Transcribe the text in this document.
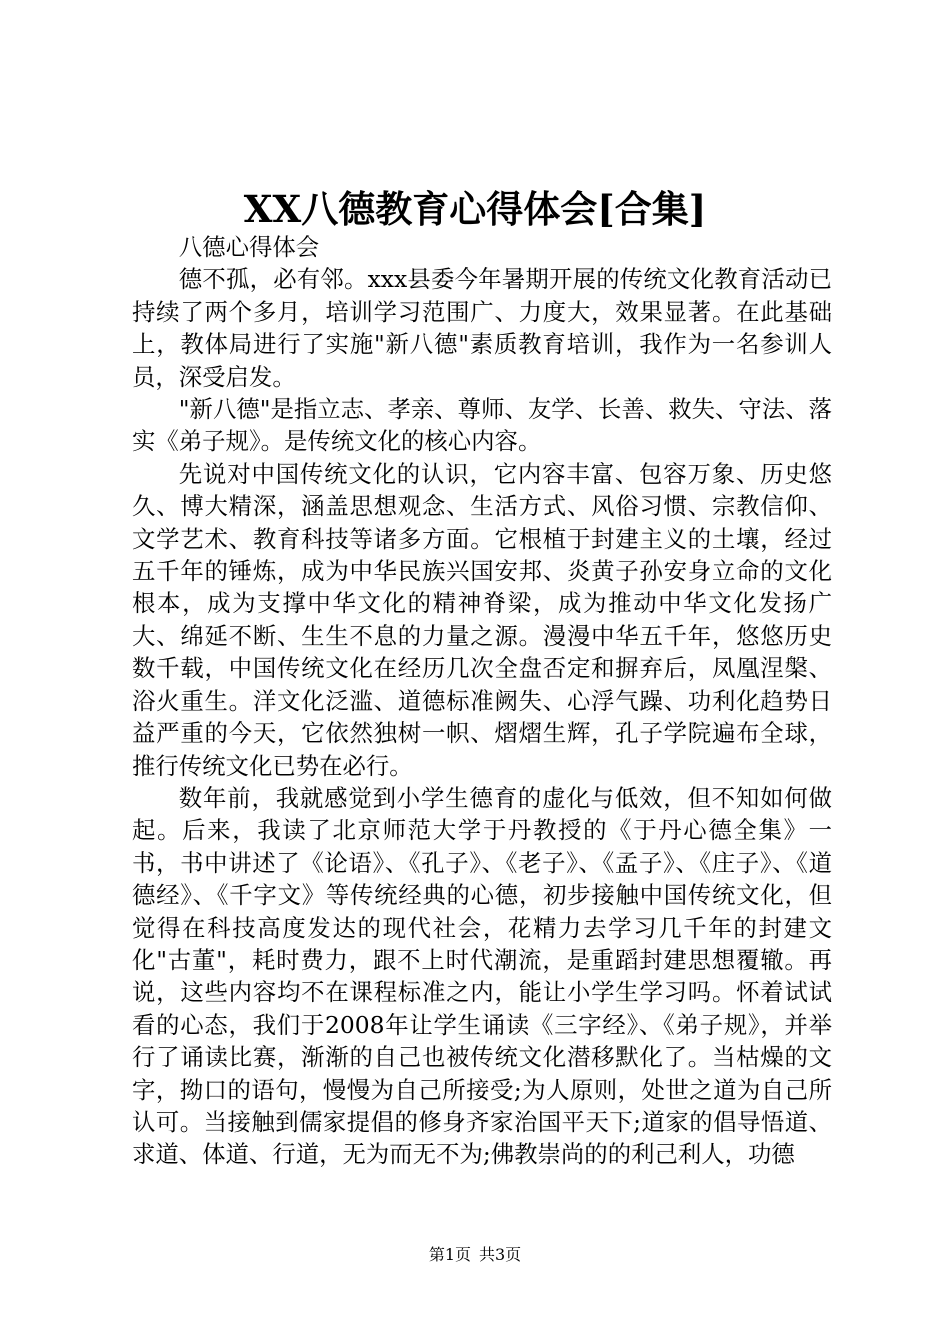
XX八德教育心得体会[合集]

八德心得体会

德不孤，必有邻。xxx县委今年暑期开展的传统文化教育活动已持续了两个多月，培训学习范围广、力度大，效果显著。在此基础上，教体局进行了实施"新八德"素质教育培训，我作为一名参训人员，深受启发。

"新八德"是指立志、孝亲、尊师、友学、长善、救失、守法、落实《弟子规》。是传统文化的核心内容。

先说对中国传统文化的认识，它内容丰富、包容万象、历史悠久、博大精深，涵盖思想观念、生活方式、风俗习惯、宗教信仰、文学艺术、教育科技等诸多方面。它根植于封建主义的土壤，经过五千年的锤炼，成为中华民族兴国安邦、炎黄子孙安身立命的文化根本，成为支撑中华文化的精神脊梁，成为推动中华文化发扬广大、绵延不断、生生不息的力量之源。漫漫中华五千年，悠悠历史数千载，中国传统文化在经历几次全盘否定和摒弃后，凤凰涅槃、浴火重生。洋文化泛滥、道德标准阙失、心浮气躁、功利化趋势日益严重的今天，它依然独树一帜、熠熠生辉，孔子学院遍布全球，推行传统文化已势在必行。

数年前，我就感觉到小学生德育的虚化与低效，但不知如何做起。后来，我读了北京师范大学于丹教授的《于丹心德全集》一书，书中讲述了《论语》、《孔子》、《老子》、《孟子》、《庄子》、《道德经》、《千字文》等传统经典的心德，初步接触中国传统文化，但觉得在科技高度发达的现代社会，花精力去学习几千年的封建文化"古董"，耗时费力，跟不上时代潮流，是重蹈封建思想覆辙。再说，这些内容均不在课程标准之内，能让小学生学习吗。怀着试试看的心态，我们于2008年让学生诵读《三字经》、《弟子规》，并举行了诵读比赛，渐渐的自己也被传统文化潜移默化了。当枯燥的文字，拗口的语句，慢慢为自己所接受;为人原则，处世之道为自己所认可。当接触到儒家提倡的修身齐家治国平天下;道家的倡导悟道、求道、体道、行道，无为而无不为;佛教崇尚的的利己利人，功德

第1页 共3页
